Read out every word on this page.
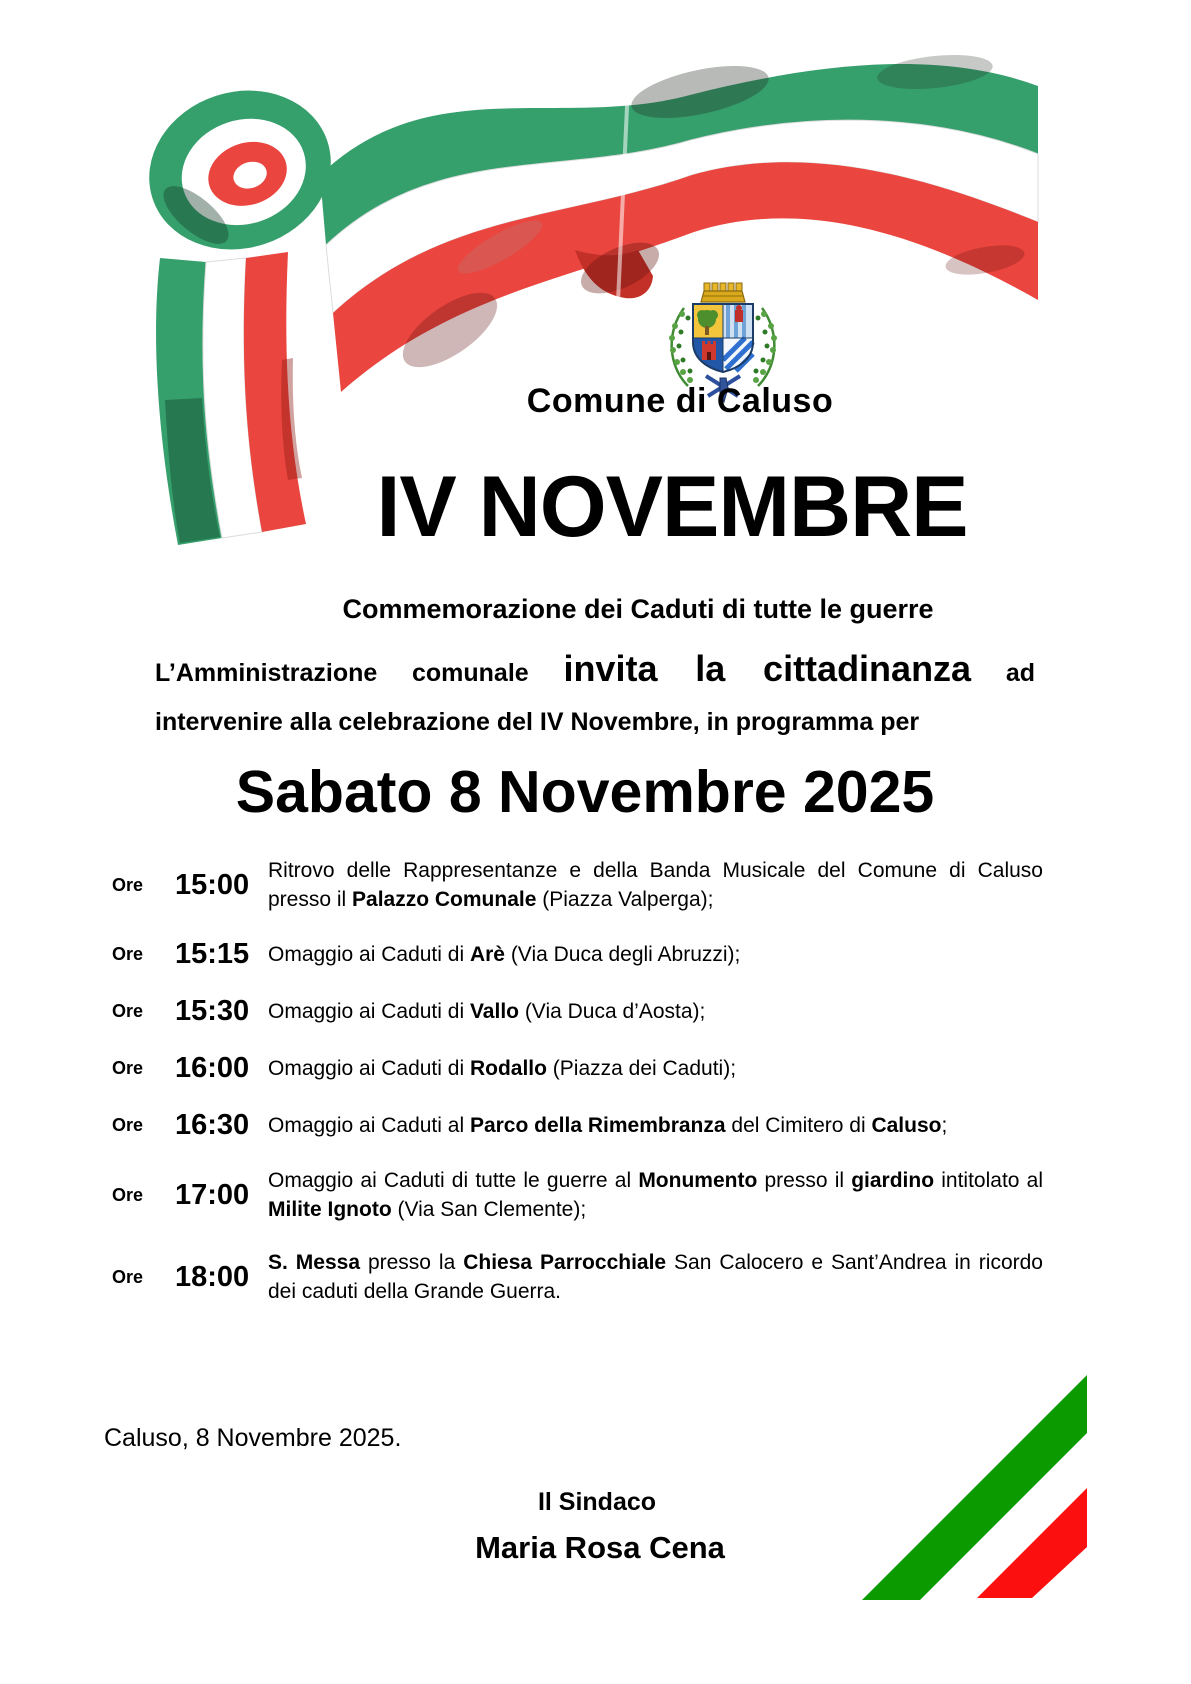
Comune di Caluso
IV NOVEMBRE
Commemorazione dei Caduti di tutte le guerre
L’Amministrazione comunale invita la cittadinanza ad
intervenire alla celebrazione del IV Novembre, in programma per
Sabato 8 Novembre 2025
Ore	15:00 Ritrovo delle Rappresentanze e della Banda Musicale del Comune di Caluso presso il Palazzo Comunale (Piazza Valperga);
Ore	15:15 Omaggio ai Caduti di Arè (Via Duca degli Abruzzi);
Ore	15:30 Omaggio ai Caduti di Vallo (Via Duca d’Aosta);
Ore	16:00 Omaggio ai Caduti di Rodallo (Piazza dei Caduti);
Ore	16:30 Omaggio ai Caduti al Parco della Rimembranza del Cimitero di Caluso;
Ore	17:00 Omaggio ai Caduti di tutte le guerre al Monumento presso il giardino intitolato al Milite Ignoto (Via San Clemente);
Ore	18:00 S. Messa presso la Chiesa Parrocchiale San Calocero e Sant’Andrea in ricordo dei caduti della Grande Guerra.
Caluso, 8 Novembre 2025.
Il Sindaco
Maria Rosa Cena
